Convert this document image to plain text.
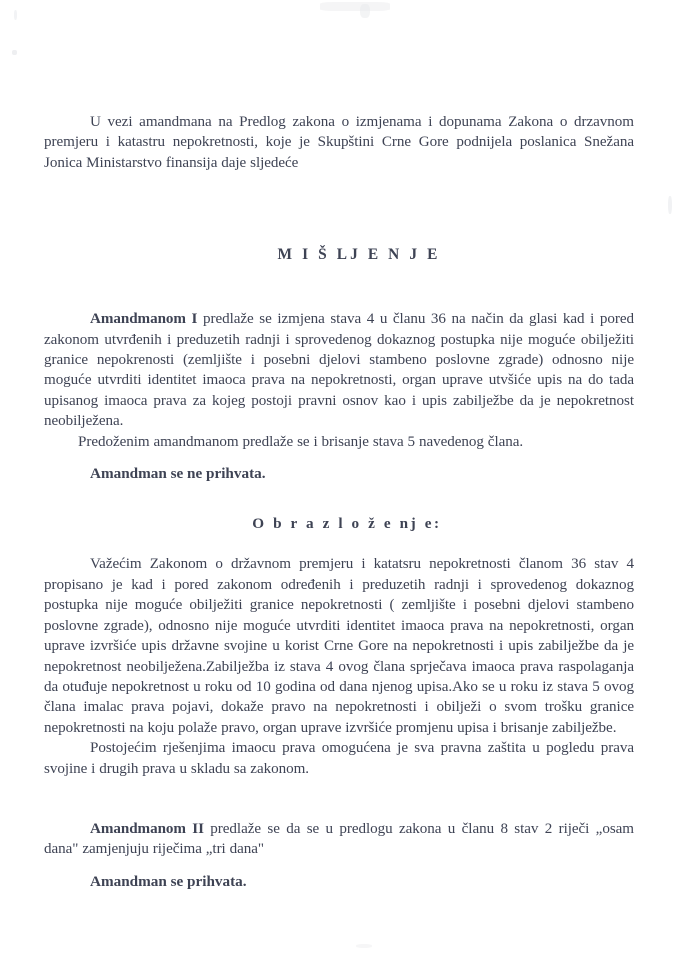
U vezi amandmana na Predlog zakona o izmjenama i dopunama Zakona o drzavnom premjeru i katastru nepokretnosti, koje je Skupštini Crne Gore podnijela poslanica Snežana Jonica Ministarstvo finansija daje sljedeće

M I Š LJ E N J E

Amandmanom I predlaže se izmjena stava 4 u članu 36 na način da glasi kad i pored zakonom utvrđenih i preduzetih radnji i sprovedenog dokaznog postupka nije moguće obilježiti granice nepokrenosti (zemljište i posebni djelovi stambeno poslovne zgrade) odnosno nije moguće utvrditi identitet imaoca prava na nepokretnosti, organ uprave utvšiće upis na do tada upisanog imaoca prava za kojeg postoji pravni osnov kao i upis zabilježbe da je nepokretnost neobilježena.

Predoženim amandmanom predlaže se i brisanje stava 5 navedenog člana.

Amandman se ne prihvata.

O b r a z l o ž e nj e:

Važećim Zakonom o državnom premjeru i katatsru nepokretnosti članom 36 stav 4 propisano je kad i pored zakonom određenih i preduzetih radnji i sprovedenog dokaznog postupka nije moguće obilježiti granice nepokretnosti ( zemljište i posebni djelovi stambeno poslovne zgrade), odnosno nije moguće utvrditi identitet imaoca prava na nepokretnosti, organ uprave izvršiće upis državne svojine u korist Crne Gore na nepokretnosti i upis zabilježbe da je nepokretnost neobilježena.Zabilježba iz stava 4 ovog člana sprječava imaoca prava raspolaganja da otuđuje nepokretnost u roku od 10 godina od dana njenog upisa.Ako se u roku iz stava 5 ovog člana imalac prava pojavi, dokaže pravo na nepokretnosti i obilježi o svom trošku granice nepokretnosti na koju polaže pravo, organ uprave izvršiće promjenu upisa i brisanje zabilježbe.

Postojećim rješenjima imaocu prava omogućena je sva pravna zaštita u pogledu prava svojine i drugih prava u skladu sa zakonom.

Amandmanom II predlaže se da se u predlogu zakona u članu 8 stav 2 riječi „osam dana" zamjenjuju riječima „tri dana"

Amandman se prihvata.
